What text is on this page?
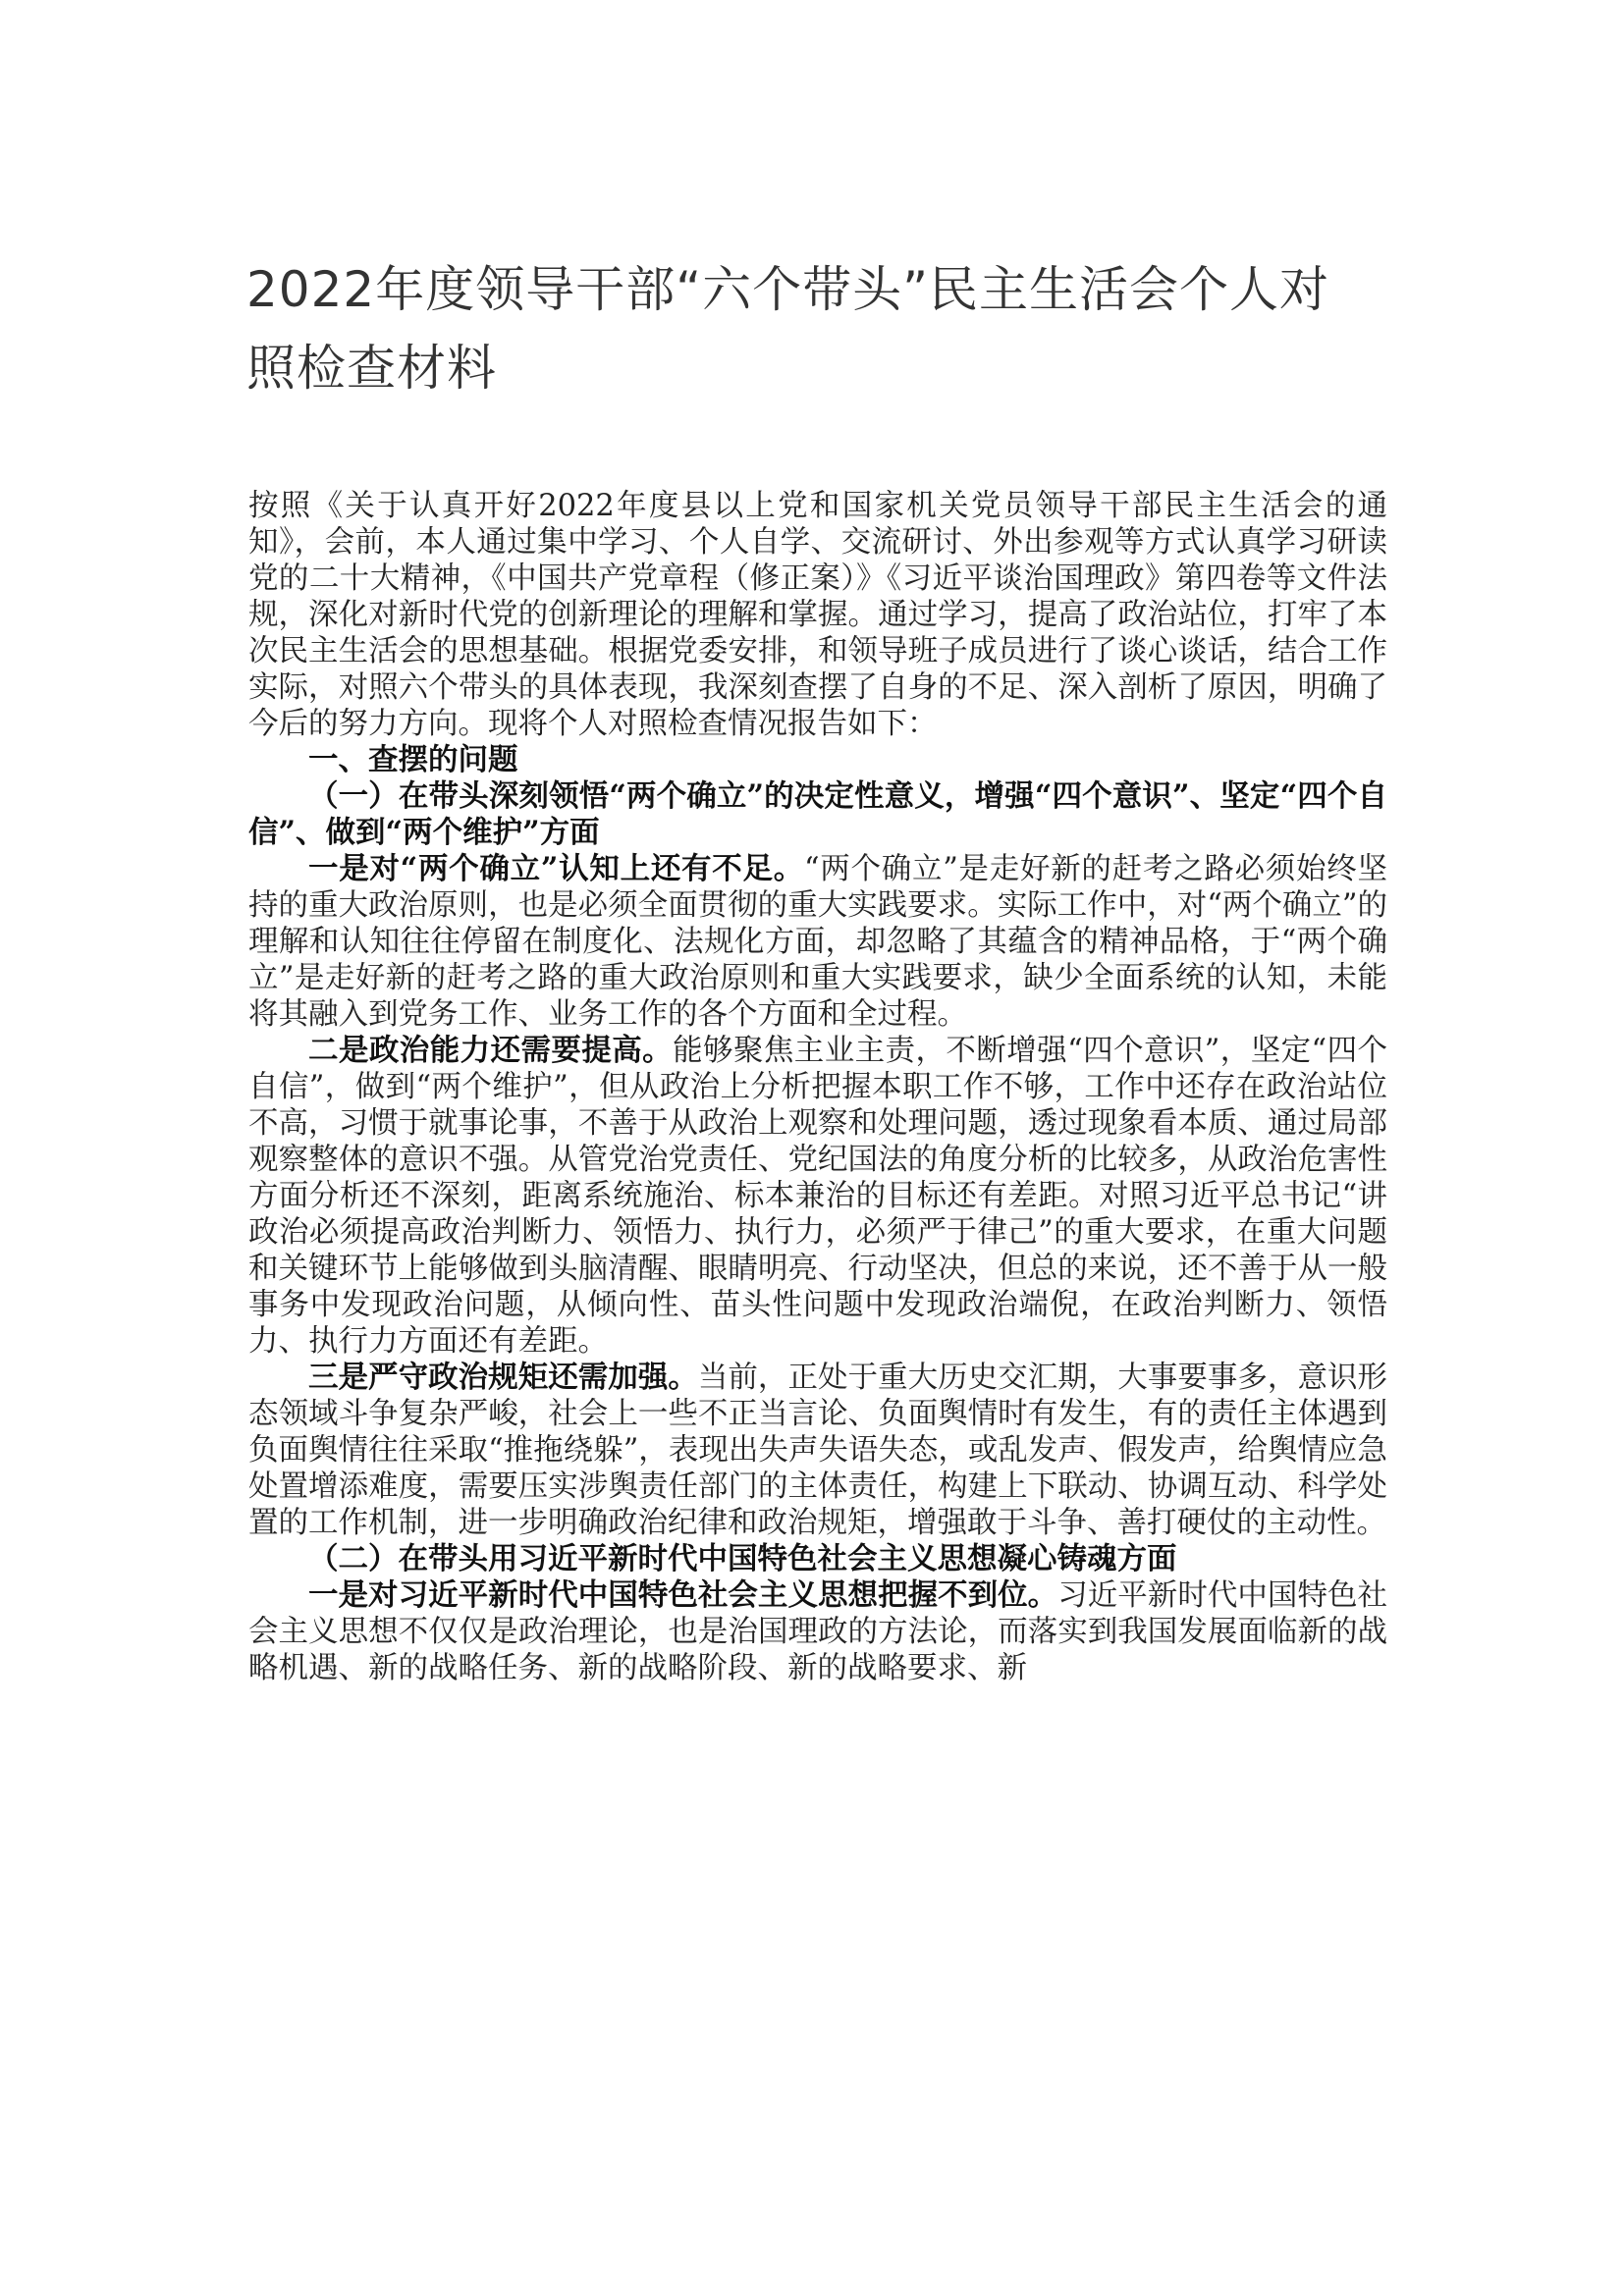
2022年度领导干部“六个带头”民主生活会个人对照检查材料

按照《关于认真开好2022年度县以上党和国家机关党员领导干部民主生活会的通知》，会前，本人通过集中学习、个人自学、交流研讨、外出参观等方式认真学习研读党的二十大精神，《中国共产党章程（修正案）》《习近平谈治国理政》第四卷等文件法规，深化对新时代党的创新理论的理解和掌握。通过学习，提高了政治站位，打牢了本次民主生活会的思想基础。根据党委安排，和领导班子成员进行了谈心谈话，结合工作实际，对照六个带头的具体表现，我深刻查摆了自身的不足、深入剖析了原因，明确了今后的努力方向。现将个人对照检查情况报告如下：

一、查摆的问题

（一）在带头深刻领悟“两个确立”的决定性意义，增强“四个意识”、坚定“四个自信”、做到“两个维护”方面

一是对“两个确立”认知上还有不足。“两个确立”是走好新的赶考之路必须始终坚持的重大政治原则，也是必须全面贯彻的重大实践要求。实际工作中，对“两个确立”的理解和认知往往停留在制度化、法规化方面，却忽略了其蕴含的精神品格，于“两个确立”是走好新的赶考之路的重大政治原则和重大实践要求，缺少全面系统的认知，未能将其融入到党务工作、业务工作的各个方面和全过程。

二是政治能力还需要提高。能够聚焦主业主责，不断增强“四个意识”，坚定“四个自信”，做到“两个维护”，但从政治上分析把握本职工作不够，工作中还存在政治站位不高，习惯于就事论事，不善于从政治上观察和处理问题，透过现象看本质、通过局部观察整体的意识不强。从管党治党责任、党纪国法的角度分析的比较多，从政治危害性方面分析还不深刻，距离系统施治、标本兼治的目标还有差距。对照习近平总书记“讲政治必须提高政治判断力、领悟力、执行力，必须严于律己”的重大要求，在重大问题和关键环节上能够做到头脑清醒、眼睛明亮、行动坚决，但总的来说，还不善于从一般事务中发现政治问题，从倾向性、苗头性问题中发现政治端倪，在政治判断力、领悟力、执行力方面还有差距。

三是严守政治规矩还需加强。当前，正处于重大历史交汇期，大事要事多，意识形态领域斗争复杂严峻，社会上一些不正当言论、负面舆情时有发生，有的责任主体遇到负面舆情往往采取“推拖绕躲”，表现出失声失语失态，或乱发声、假发声，给舆情应急处置增添难度，需要压实涉舆责任部门的主体责任，构建上下联动、协调互动、科学处置的工作机制，进一步明确政治纪律和政治规矩，增强敢于斗争、善打硬仗的主动性。

（二）在带头用习近平新时代中国特色社会主义思想凝心铸魂方面

一是对习近平新时代中国特色社会主义思想把握不到位。习近平新时代中国特色社会主义思想不仅仅是政治理论，也是治国理政的方法论，而落实到我国发展面临新的战略机遇、新的战略任务、新的战略阶段、新的战略要求、新
